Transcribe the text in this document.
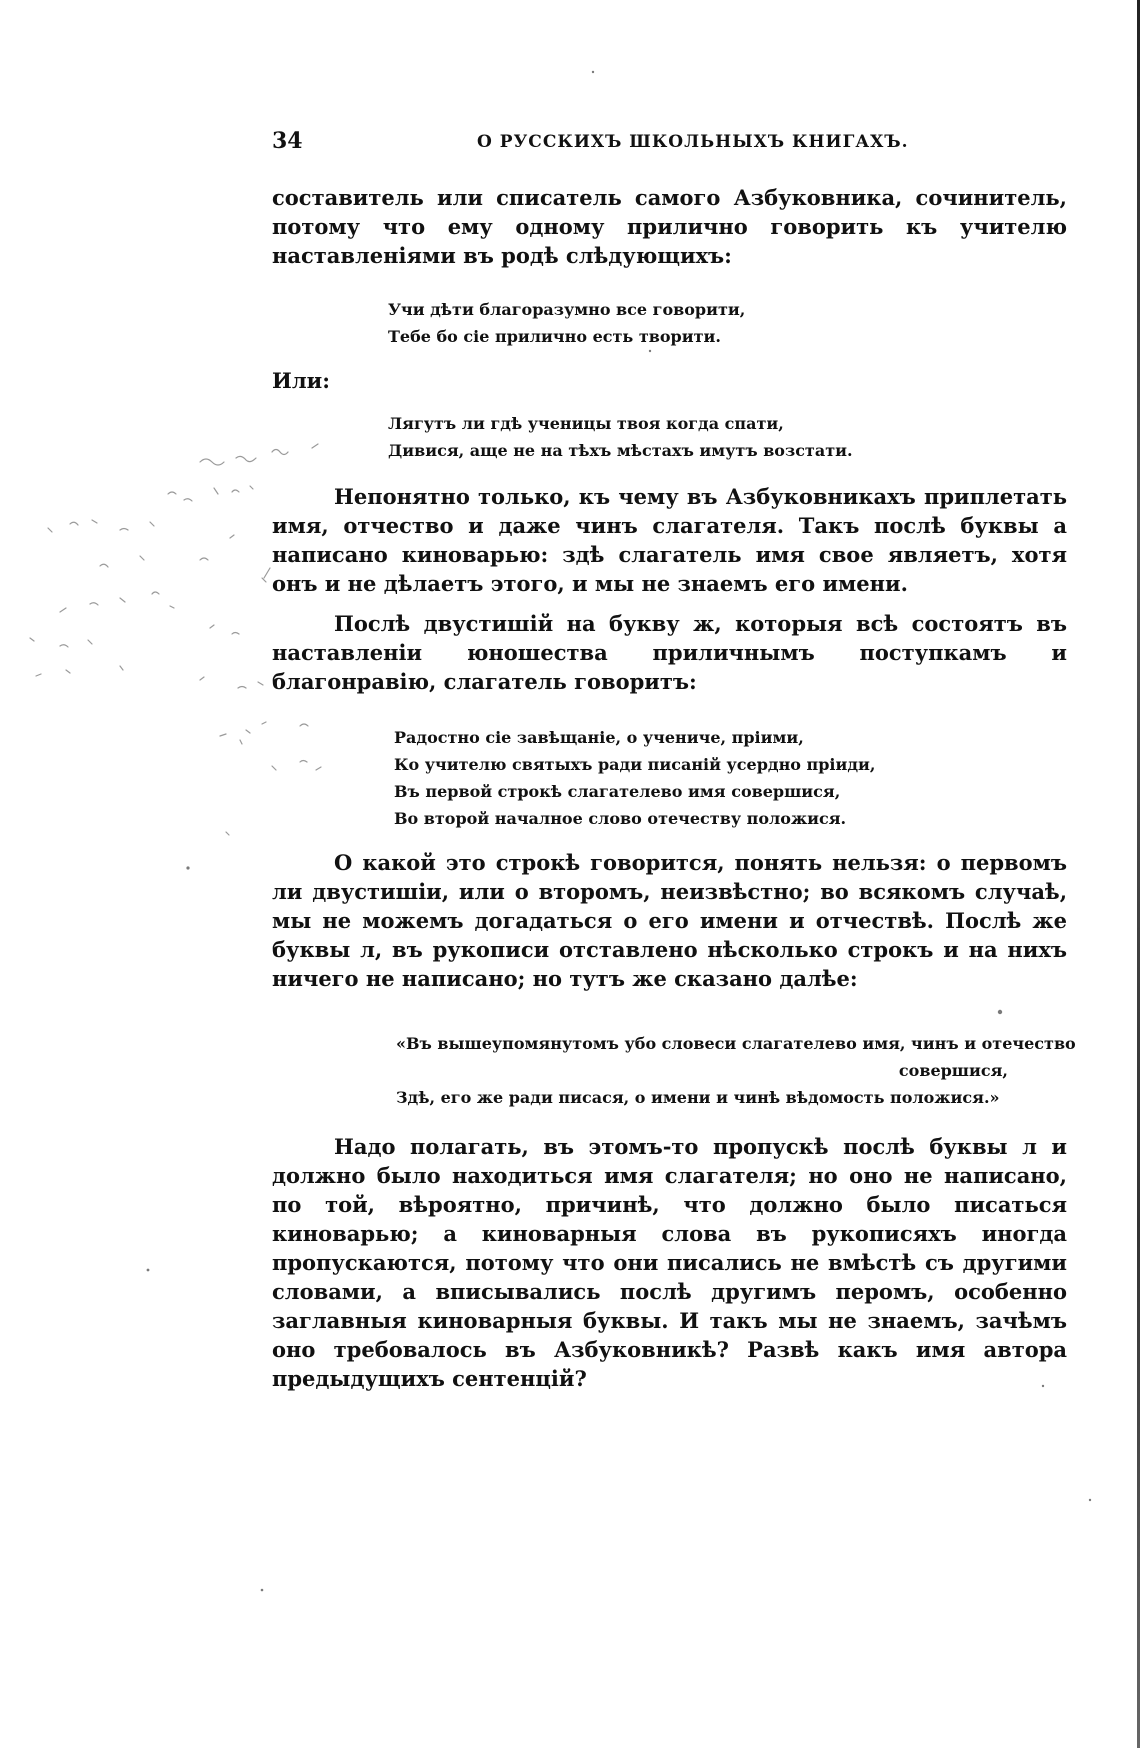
34	О РУССКИХЪ ШКОЛЬНЫХЪ КНИГАХЪ.
составитель или списатель самого Азбуковника, сочинитель, потому что ему одному прилично говорить къ учителю наставленiями въ родѣ слѣдующихъ:
Учи дѣти благоразумно все говорити,
Тебе бо сiе прилично есть творити.
Или:
Лягутъ ли гдѣ ученицы твоя когда спати,
Дивися, аще не на тѣхъ мѣстахъ имутъ возстати.
Непонятно только, къ чему въ Азбуковникахъ приплетать имя, отчество и даже чинъ слагателя. Такъ послѣ буквы а написано киноварью: здѣ слагатель имя свое являетъ, хотя онъ и не дѣлаетъ этого, и мы не знаемъ его имени.
Послѣ двустишiй на букву ж, которыя всѣ состоятъ въ наставленiи юношества приличнымъ поступкамъ и благонравiю, слагатель говоритъ:
Радостно сiе завѣщанiе, о учениче, прiими,
Ко учителю святыхъ ради писанiй усердно прiиди,
Въ первой строкѣ слагателево имя совершися,
Во второй началное слово отечеству положися.
О какой это строкѣ говорится, понять нельзя: о первомъ ли двустишiи, или о второмъ, неизвѣстно; во всякомъ случаѣ, мы не можемъ догадаться о его имени и отчествѣ. Послѣ же буквы л, въ рукописи отставлено нѣсколько строкъ и на нихъ ничего не написано; но тутъ же сказано далѣе:
«Въ вышеупомянутомъ убо словеси слагателево имя, чинъ и отечество
совершися,
Здѣ, его же ради писася, о имени и чинѣ вѣдомость положися.»
Надо полагать, въ этомъ-то пропускѣ послѣ буквы л и должно было находиться имя слагателя; но оно не написано, по той, вѣроятно, причинѣ, что должно было писаться киноварью; а киноварныя слова въ рукописяхъ иногда пропускаются, потому что они писались не вмѣстѣ съ другими словами, а вписывались послѣ другимъ перомъ, особенно заглавныя киноварныя буквы. И такъ мы не знаемъ, зачѣмъ оно требовалось въ Азбуковникѣ? Развѣ какъ имя автора предыдущихъ сентенцiй?
